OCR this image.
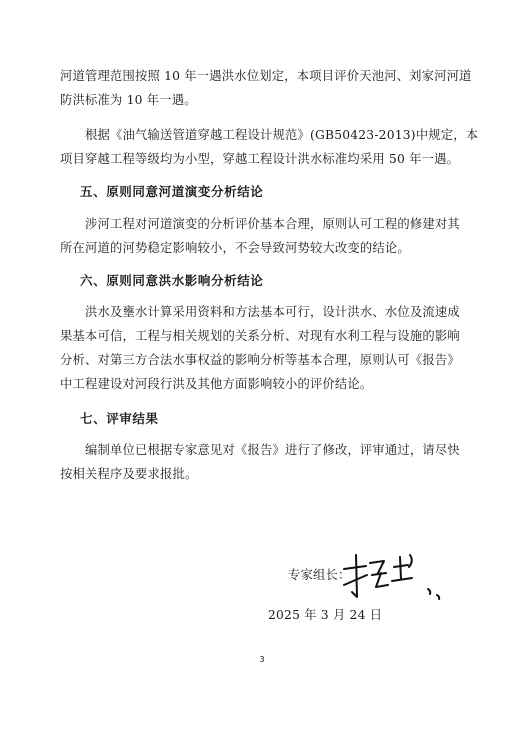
河道管理范围按照 10 年一遇洪水位划定，本项目评价天池河、刘家河河道
防洪标准为 10 年一遇。

根据《油气输送管道穿越工程设计规范》(GB50423-2013)中规定，本
项目穿越工程等级均为小型，穿越工程设计洪水标准均采用 50 年一遇。

五、原则同意河道演变分析结论

涉河工程对河道演变的分析评价基本合理，原则认可工程的修建对其
所在河道的河势稳定影响较小，不会导致河势较大改变的结论。

六、原则同意洪水影响分析结论

洪水及壅水计算采用资料和方法基本可行，设计洪水、水位及流速成
果基本可信，工程与相关规划的关系分析、对现有水利工程与设施的影响
分析、对第三方合法水事权益的影响分析等基本合理，原则认可《报告》
中工程建设对河段行洪及其他方面影响较小的评价结论。

七、评审结果

编制单位已根据专家意见对《报告》进行了修改，评审通过，请尽快
按相关程序及要求报批。

专家组长：
2025 年 3 月 24 日
3
